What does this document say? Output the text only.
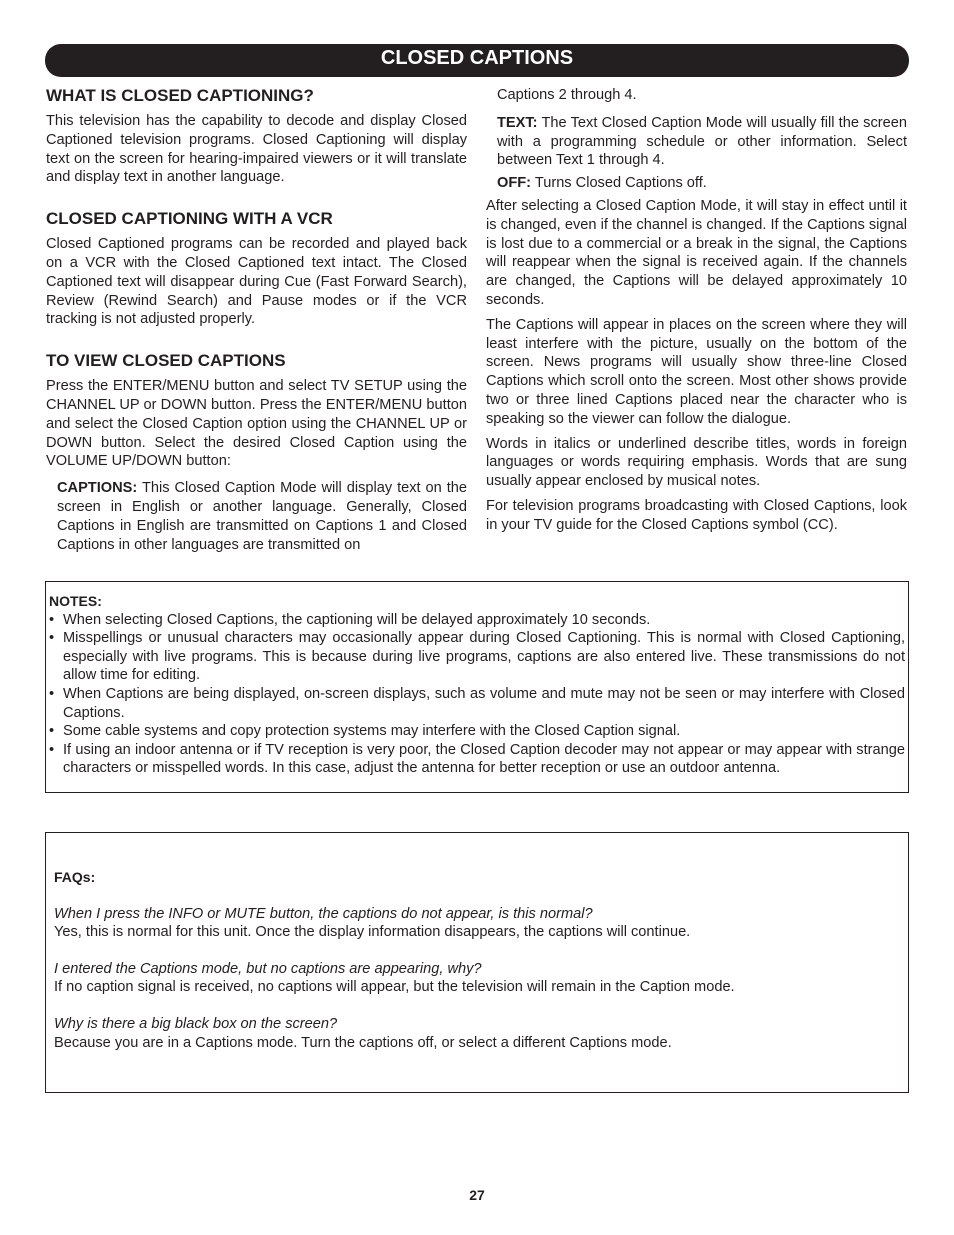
CLOSED CAPTIONS
WHAT IS CLOSED CAPTIONING?

This television has the capability to decode and display Closed Captioned television programs. Closed Captioning will display text on the screen for hearing-impaired viewers or it will translate and display text in another language.

CLOSED CAPTIONING WITH A VCR

Closed Captioned programs can be recorded and played back on a VCR with the Closed Captioned text intact. The Closed Captioned text will disappear during Cue (Fast Forward Search), Review (Rewind Search) and Pause modes or if the VCR tracking is not adjusted properly.

TO VIEW CLOSED CAPTIONS

Press the ENTER/MENU button and select TV SETUP using the CHANNEL UP or DOWN button. Press the ENTER/MENU button and select the Closed Caption option using the CHANNEL UP or DOWN button. Select the desired Closed Caption using the VOLUME UP/DOWN button:

CAPTIONS: This Closed Caption Mode will display text on the screen in English or another language. Generally, Closed Captions in English are transmitted on Captions 1 and Closed Captions in other languages are transmitted on

Captions 2 through 4.

TEXT: The Text Closed Caption Mode will usually fill the screen with a programming schedule or other information. Select between Text 1 through 4.

OFF: Turns Closed Captions off.

After selecting a Closed Caption Mode, it will stay in effect until it is changed, even if the channel is changed. If the Captions signal is lost due to a commercial or a break in the signal, the Captions will reappear when the signal is received again. If the channels are changed, the Captions will be delayed approximately 10 seconds.

The Captions will appear in places on the screen where they will least interfere with the picture, usually on the bottom of the screen. News programs will usually show three-line Closed Captions which scroll onto the screen. Most other shows provide two or three lined Captions placed near the character who is speaking so the viewer can follow the dialogue.

Words in italics or underlined describe titles, words in foreign languages or words requiring emphasis. Words that are sung usually appear enclosed by musical notes.

For television programs broadcasting with Closed Captions, look in your TV guide for the Closed Captions symbol (CC).

NOTES:
• When selecting Closed Captions, the captioning will be delayed approximately 10 seconds.
• Misspellings or unusual characters may occasionally appear during Closed Captioning. This is normal with Closed Captioning, especially with live programs. This is because during live programs, captions are also entered live. These transmissions do not allow time for editing.
• When Captions are being displayed, on-screen displays, such as volume and mute may not be seen or may interfere with Closed Captions.
• Some cable systems and copy protection systems may interfere with the Closed Caption signal.
• If using an indoor antenna or if TV reception is very poor, the Closed Caption decoder may not appear or may appear with strange characters or misspelled words. In this case, adjust the antenna for better reception or use an outdoor antenna.
FAQs:
When I press the INFO or MUTE button, the captions do not appear, is this normal?
Yes, this is normal for this unit. Once the display information disappears, the captions will continue.
I entered the Captions mode, but no captions are appearing, why?
If no caption signal is received, no captions will appear, but the television will remain in the Caption mode.
Why is there a big black box on the screen?
Because you are in a Captions mode. Turn the captions off, or select a different Captions mode.
27
